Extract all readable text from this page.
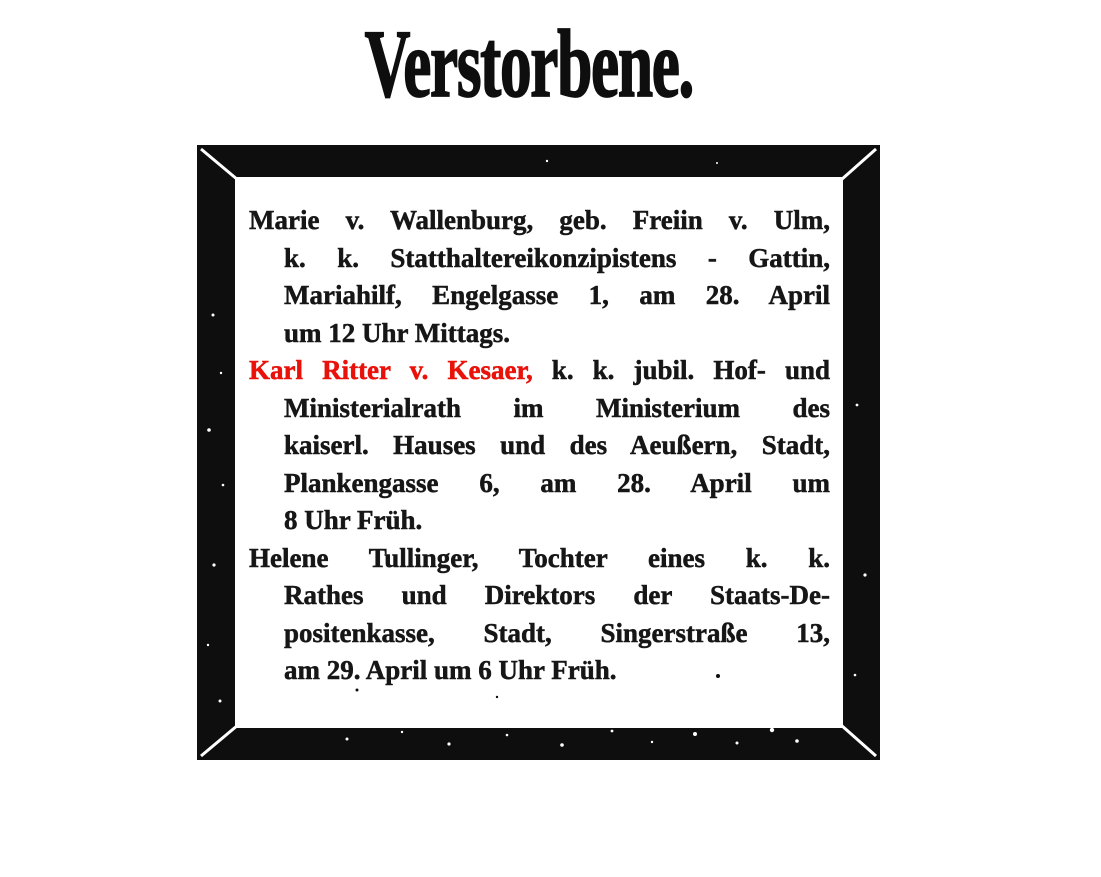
Verstorbene.
Marie v. Wallenburg, geb. Freiin v. Ulm,
k. k. Statthaltereikonzipistens - Gattin,
Mariahilf, Engelgasse 1, am 28. April
um 12 Uhr Mittags.
Karl Ritter v. Kesaer, k. k. jubil. Hof- und
Ministerialrath im Ministerium des
kaiserl. Hauses und des Aeußern, Stadt,
Plankengasse 6, am 28. April um
8 Uhr Früh.
Helene Tullinger, Tochter eines k. k.
Rathes und Direktors der Staats-De-
positenkasse, Stadt, Singerstraße 13,
am 29. April um 6 Uhr Früh.
